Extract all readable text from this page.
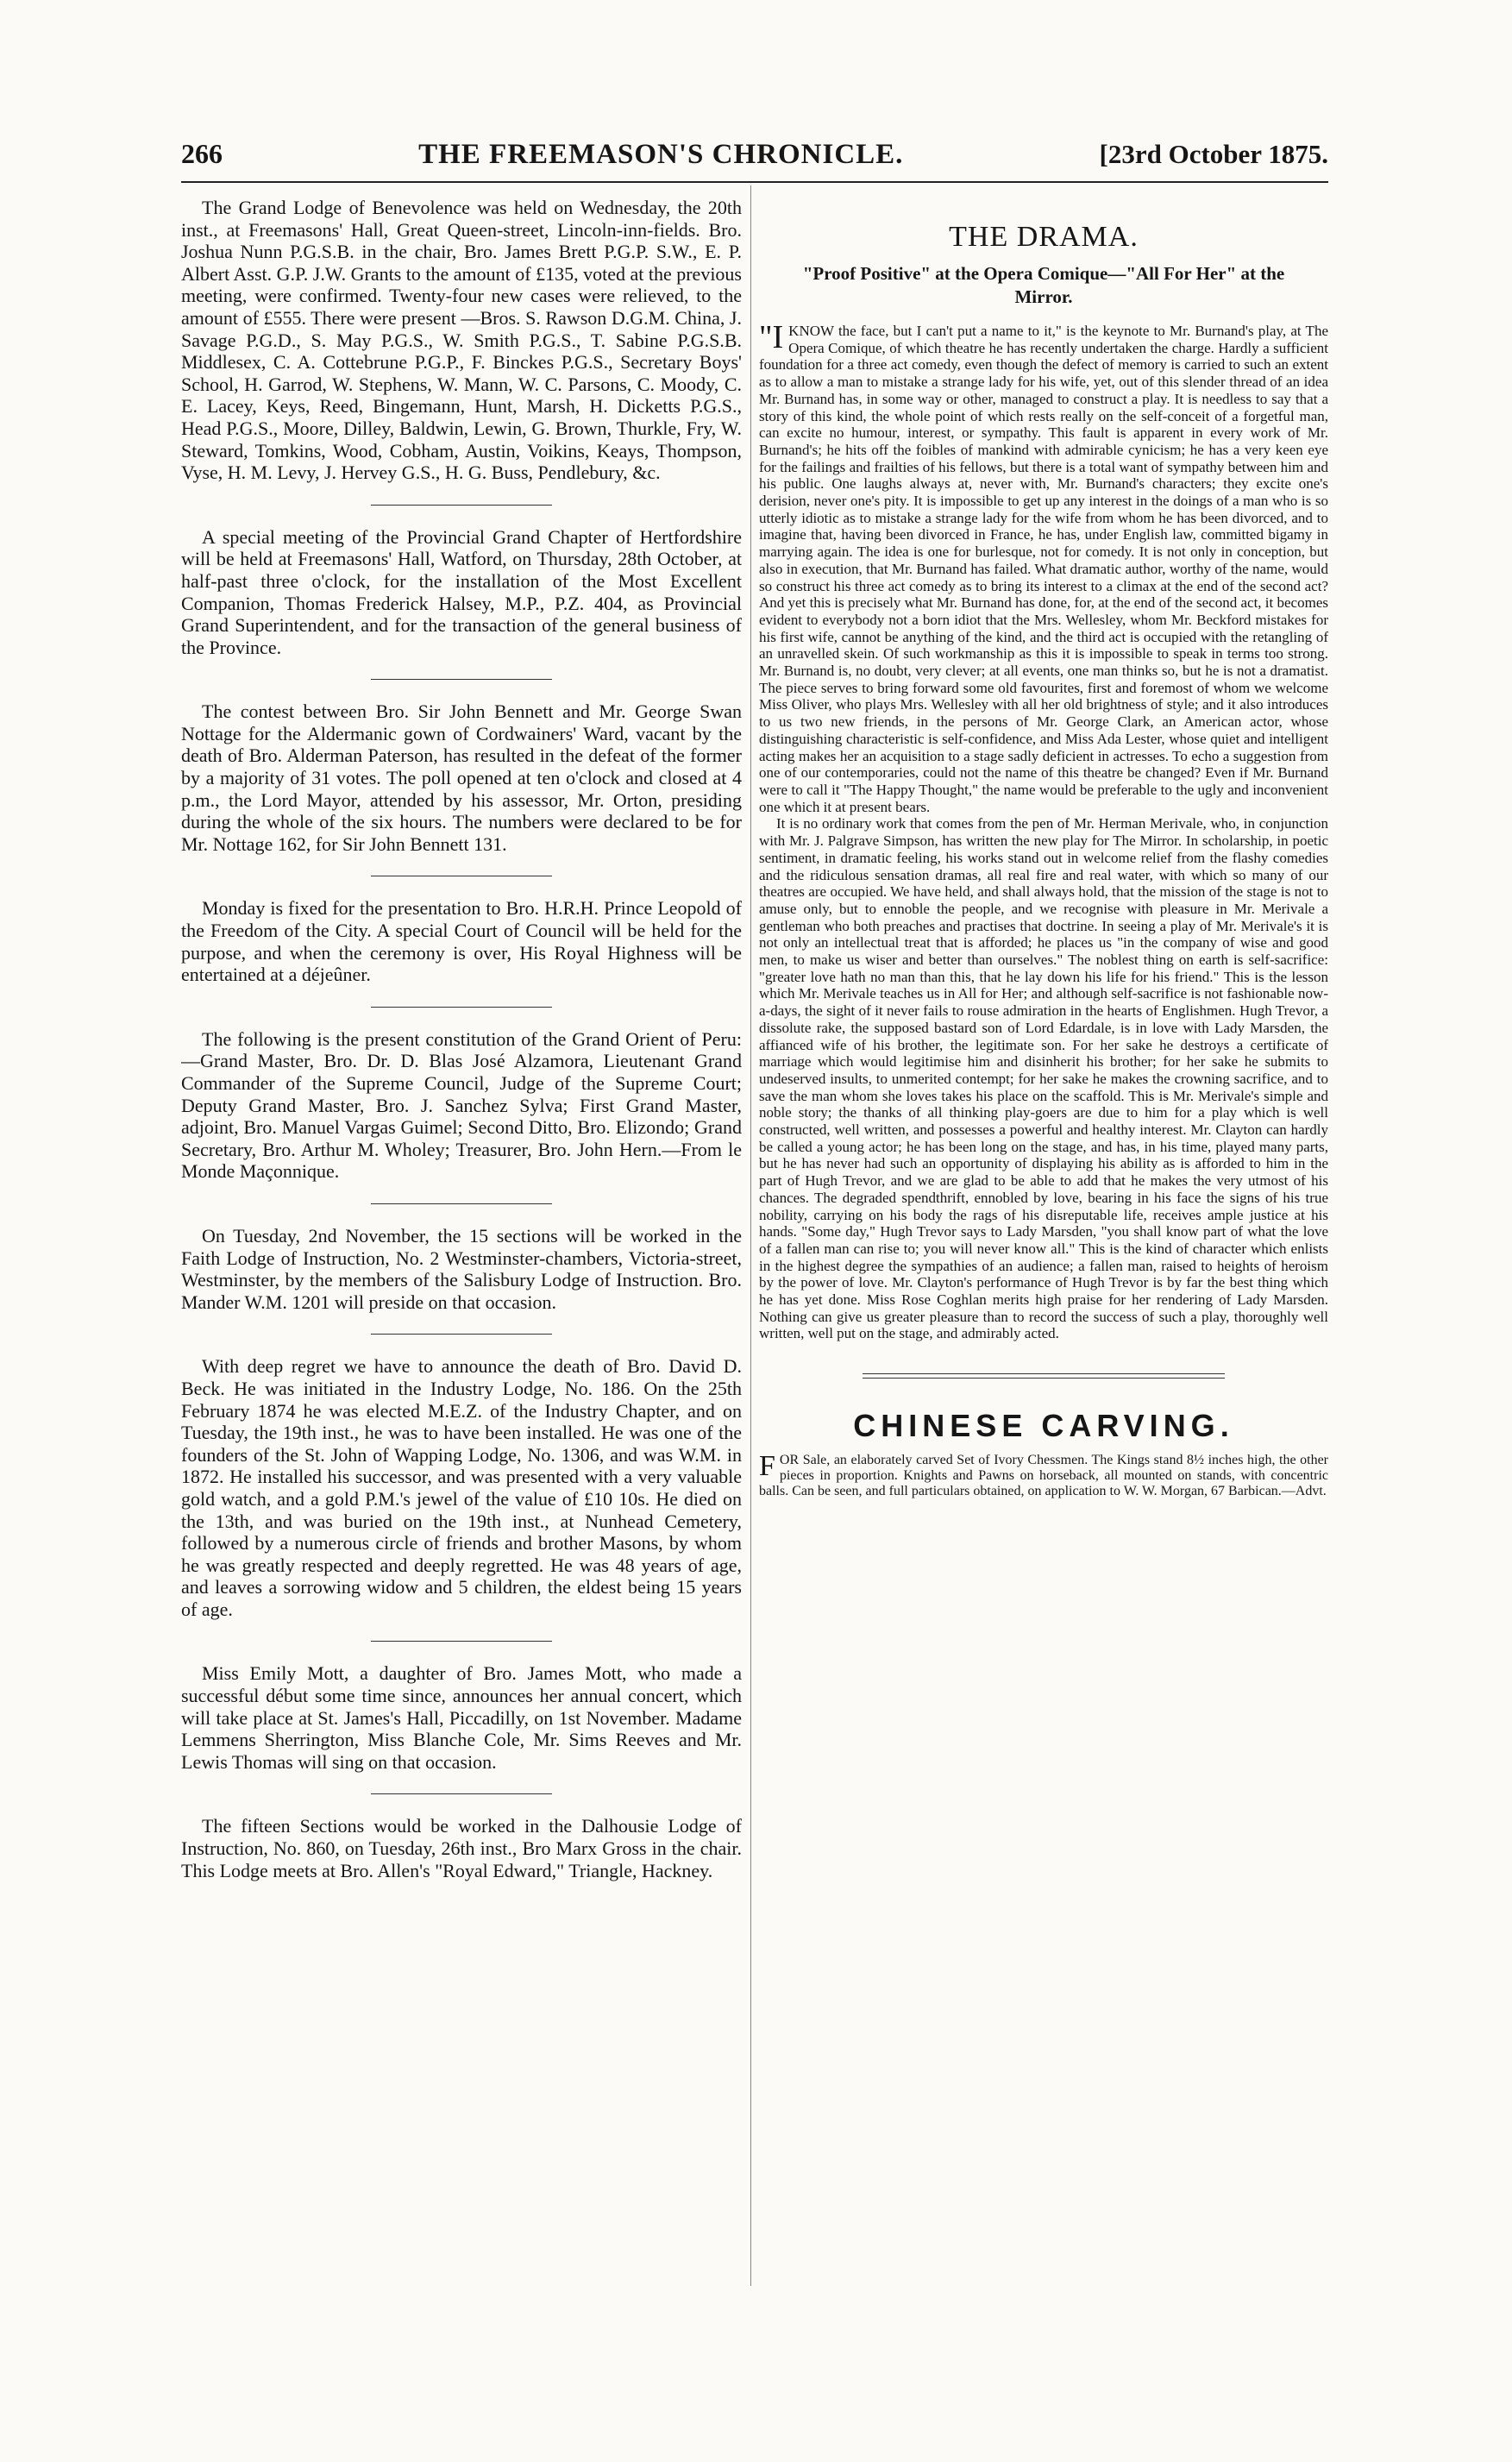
266	THE FREEMASON'S CHRONICLE.	[23rd October 1875.

The Grand Lodge of Benevolence was held on Wednesday, the 20th inst., at Freemasons' Hall, Great Queen-street, Lincoln-inn-fields. Bro. Joshua Nunn P.G.S.B. in the chair, Bro. James Brett P.G.P. S.W., E. P. Albert Asst. G.P. J.W. Grants to the amount of £135, voted at the previous meeting, were confirmed. Twenty-four new cases were relieved, to the amount of £555. There were present —Bros. S. Rawson D.G.M. China, J. Savage P.G.D., S. May P.G.S., W. Smith P.G.S., T. Sabine P.G.S.B. Middlesex, C. A. Cottebrune P.G.P., F. Binckes P.G.S., Secretary Boys' School, H. Garrod, W. Stephens, W. Mann, W. C. Parsons, C. Moody, C. E. Lacey, Keys, Reed, Bingemann, Hunt, Marsh, H. Dicketts P.G.S., Head P.G.S., Moore, Dilley, Baldwin, Lewin, G. Brown, Thurkle, Fry, W. Steward, Tomkins, Wood, Cobham, Austin, Voikins, Keays, Thompson, Vyse, H. M. Levy, J. Hervey G.S., H. G. Buss, Pendlebury, &c.

A special meeting of the Provincial Grand Chapter of Hertfordshire will be held at Freemasons' Hall, Watford, on Thursday, 28th October, at half-past three o'clock, for the installation of the Most Excellent Companion, Thomas Frederick Halsey, M.P., P.Z. 404, as Provincial Grand Superintendent, and for the transaction of the general business of the Province.

The contest between Bro. Sir John Bennett and Mr. George Swan Nottage for the Aldermanic gown of Cordwainers' Ward, vacant by the death of Bro. Alderman Paterson, has resulted in the defeat of the former by a majority of 31 votes. The poll opened at ten o'clock and closed at 4 p.m., the Lord Mayor, attended by his assessor, Mr. Orton, presiding during the whole of the six hours. The numbers were declared to be for Mr. Nottage 162, for Sir John Bennett 131.

Monday is fixed for the presentation to Bro. H.R.H. Prince Leopold of the Freedom of the City. A special Court of Council will be held for the purpose, and when the ceremony is over, His Royal Highness will be entertained at a déjeûner.

The following is the present constitution of the Grand Orient of Peru:—Grand Master, Bro. Dr. D. Blas José Alzamora, Lieutenant Grand Commander of the Supreme Council, Judge of the Supreme Court; Deputy Grand Master, Bro. J. Sanchez Sylva; First Grand Master, adjoint, Bro. Manuel Vargas Guimel; Second Ditto, Bro. Elizondo; Grand Secretary, Bro. Arthur M. Wholey; Treasurer, Bro. John Hern.—From le Monde Maçonnique.

On Tuesday, 2nd November, the 15 sections will be worked in the Faith Lodge of Instruction, No. 2 Westminster-chambers, Victoria-street, Westminster, by the members of the Salisbury Lodge of Instruction. Bro. Mander W.M. 1201 will preside on that occasion.

With deep regret we have to announce the death of Bro. David D. Beck. He was initiated in the Industry Lodge, No. 186. On the 25th February 1874 he was elected M.E.Z. of the Industry Chapter, and on Tuesday, the 19th inst., he was to have been installed. He was one of the founders of the St. John of Wapping Lodge, No. 1306, and was W.M. in 1872. He installed his successor, and was presented with a very valuable gold watch, and a gold P.M.'s jewel of the value of £10 10s. He died on the 13th, and was buried on the 19th inst., at Nunhead Cemetery, followed by a numerous circle of friends and brother Masons, by whom he was greatly respected and deeply regretted. He was 48 years of age, and leaves a sorrowing widow and 5 children, the eldest being 15 years of age.

Miss Emily Mott, a daughter of Bro. James Mott, who made a successful début some time since, announces her annual concert, which will take place at St. James's Hall, Piccadilly, on 1st November. Madame Lemmens Sherrington, Miss Blanche Cole, Mr. Sims Reeves and Mr. Lewis Thomas will sing on that occasion.

The fifteen Sections would be worked in the Dalhousie Lodge of Instruction, No. 860, on Tuesday, 26th inst., Bro Marx Gross in the chair. This Lodge meets at Bro. Allen's "Royal Edward," Triangle, Hackney.

THE DRAMA.
"Proof Positive" at the Opera Comique—"All For Her" at the Mirror.

"IKNOW the face, but I can't put a name to it," is the keynote to Mr. Burnand's play, at The Opera Comique, of which theatre he has recently undertaken the charge. Hardly a sufficient foundation for a three act comedy, even though the defect of memory is carried to such an extent as to allow a man to mistake a strange lady for his wife, yet, out of this slender thread of an idea Mr. Burnand has, in some way or other, managed to construct a play. It is needless to say that a story of this kind, the whole point of which rests really on the self-conceit of a forgetful man, can excite no humour, interest, or sympathy. This fault is apparent in every work of Mr. Burnand's; he hits off the foibles of mankind with admirable cynicism; he has a very keen eye for the failings and frailties of his fellows, but there is a total want of sympathy between him and his public. One laughs always at, never with, Mr. Burnand's characters; they excite one's derision, never one's pity. It is impossible to get up any interest in the doings of a man who is so utterly idiotic as to mistake a strange lady for the wife from whom he has been divorced, and to imagine that, having been divorced in France, he has, under English law, committed bigamy in marrying again. The idea is one for burlesque, not for comedy. It is not only in conception, but also in execution, that Mr. Burnand has failed. What dramatic author, worthy of the name, would so construct his three act comedy as to bring its interest to a climax at the end of the second act? And yet this is precisely what Mr. Burnand has done, for, at the end of the second act, it becomes evident to everybody not a born idiot that the Mrs. Wellesley, whom Mr. Beckford mistakes for his first wife, cannot be anything of the kind, and the third act is occupied with the retangling of an unravelled skein. Of such workmanship as this it is impossible to speak in terms too strong. Mr. Burnand is, no doubt, very clever; at all events, one man thinks so, but he is not a dramatist. The piece serves to bring forward some old favourites, first and foremost of whom we welcome Miss Oliver, who plays Mrs. Wellesley with all her old brightness of style; and it also introduces to us two new friends, in the persons of Mr. George Clark, an American actor, whose distinguishing characteristic is self-confidence, and Miss Ada Lester, whose quiet and intelligent acting makes her an acquisition to a stage sadly deficient in actresses. To echo a suggestion from one of our contemporaries, could not the name of this theatre be changed? Even if Mr. Burnand were to call it "The Happy Thought," the name would be preferable to the ugly and inconvenient one which it at present bears.

It is no ordinary work that comes from the pen of Mr. Herman Merivale, who, in conjunction with Mr. J. Palgrave Simpson, has written the new play for The Mirror. In scholarship, in poetic sentiment, in dramatic feeling, his works stand out in welcome relief from the flashy comedies and the ridiculous sensation dramas, all real fire and real water, with which so many of our theatres are occupied. We have held, and shall always hold, that the mission of the stage is not to amuse only, but to ennoble the people, and we recognise with pleasure in Mr. Merivale a gentleman who both preaches and practises that doctrine. In seeing a play of Mr. Merivale's it is not only an intellectual treat that is afforded; he places us "in the company of wise and good men, to make us wiser and better than ourselves." The noblest thing on earth is self-sacrifice: "greater love hath no man than this, that he lay down his life for his friend." This is the lesson which Mr. Merivale teaches us in All for Her; and although self-sacrifice is not fashionable now-a-days, the sight of it never fails to rouse admiration in the hearts of Englishmen. Hugh Trevor, a dissolute rake, the supposed bastard son of Lord Edardale, is in love with Lady Marsden, the affianced wife of his brother, the legitimate son. For her sake he destroys a certificate of marriage which would legitimise him and disinherit his brother; for her sake he submits to undeserved insults, to unmerited contempt; for her sake he makes the crowning sacrifice, and to save the man whom she loves takes his place on the scaffold. This is Mr. Merivale's simple and noble story; the thanks of all thinking play-goers are due to him for a play which is well constructed, well written, and possesses a powerful and healthy interest. Mr. Clayton can hardly be called a young actor; he has been long on the stage, and has, in his time, played many parts, but he has never had such an opportunity of displaying his ability as is afforded to him in the part of Hugh Trevor, and we are glad to be able to add that he makes the very utmost of his chances. The degraded spendthrift, ennobled by love, bearing in his face the signs of his true nobility, carrying on his body the rags of his disreputable life, receives ample justice at his hands. "Some day," Hugh Trevor says to Lady Marsden, "you shall know part of what the love of a fallen man can rise to; you will never know all." This is the kind of character which enlists in the highest degree the sympathies of an audience; a fallen man, raised to heights of heroism by the power of love. Mr. Clayton's performance of Hugh Trevor is by far the best thing which he has yet done. Miss Rose Coghlan merits high praise for her rendering of Lady Marsden. Nothing can give us greater pleasure than to record the success of such a play, thoroughly well written, well put on the stage, and admirably acted.

CHINESE CARVING.

FOR Sale, an elaborately carved Set of Ivory Chessmen. The Kings stand 8½ inches high, the other pieces in proportion. Knights and Pawns on horseback, all mounted on stands, with concentric balls. Can be seen, and full particulars obtained, on application to W. W. Morgan, 67 Barbican.—Advt.
